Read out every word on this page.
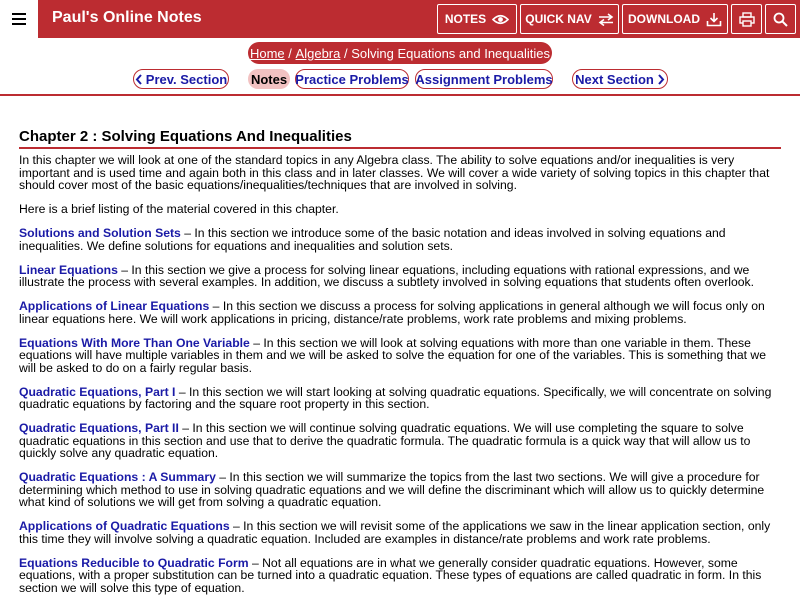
Paul's Online Notes	NOTES	QUICK NAV	DOWNLOAD
Home / Algebra / Solving Equations and Inequalities
Prev. Section Notes Practice Problems Assignment Problems Next Section
Chapter 2 : Solving Equations And Inequalities

In this chapter we will look at one of the standard topics in any Algebra class. The ability to solve equations and/or inequalities is very important and is used time and again both in this class and in later classes. We will cover a wide variety of solving topics in this chapter that should cover most of the basic equations/inequalities/techniques that are involved in solving.

Here is a brief listing of the material covered in this chapter.

Solutions and Solution Sets – In this section we introduce some of the basic notation and ideas involved in solving equations and inequalities. We define solutions for equations and inequalities and solution sets.

Linear Equations – In this section we give a process for solving linear equations, including equations with rational expressions, and we illustrate the process with several examples. In addition, we discuss a subtlety involved in solving equations that students often overlook.

Applications of Linear Equations – In this section we discuss a process for solving applications in general although we will focus only on linear equations here. We will work applications in pricing, distance/rate problems, work rate problems and mixing problems.

Equations With More Than One Variable – In this section we will look at solving equations with more than one variable in them. These equations will have multiple variables in them and we will be asked to solve the equation for one of the variables. This is something that we will be asked to do on a fairly regular basis.

Quadratic Equations, Part I – In this section we will start looking at solving quadratic equations. Specifically, we will concentrate on solving quadratic equations by factoring and the square root property in this section.

Quadratic Equations, Part II – In this section we will continue solving quadratic equations. We will use completing the square to solve quadratic equations in this section and use that to derive the quadratic formula. The quadratic formula is a quick way that will allow us to quickly solve any quadratic equation.

Quadratic Equations : A Summary – In this section we will summarize the topics from the last two sections. We will give a procedure for determining which method to use in solving quadratic equations and we will define the discriminant which will allow us to quickly determine what kind of solutions we will get from solving a quadratic equation.

Applications of Quadratic Equations – In this section we will revisit some of the applications we saw in the linear application section, only this time they will involve solving a quadratic equation. Included are examples in distance/rate problems and work rate problems.

Equations Reducible to Quadratic Form – Not all equations are in what we generally consider quadratic equations. However, some equations, with a proper substitution can be turned into a quadratic equation. These types of equations are called quadratic in form. In this section we will solve this type of equation.
